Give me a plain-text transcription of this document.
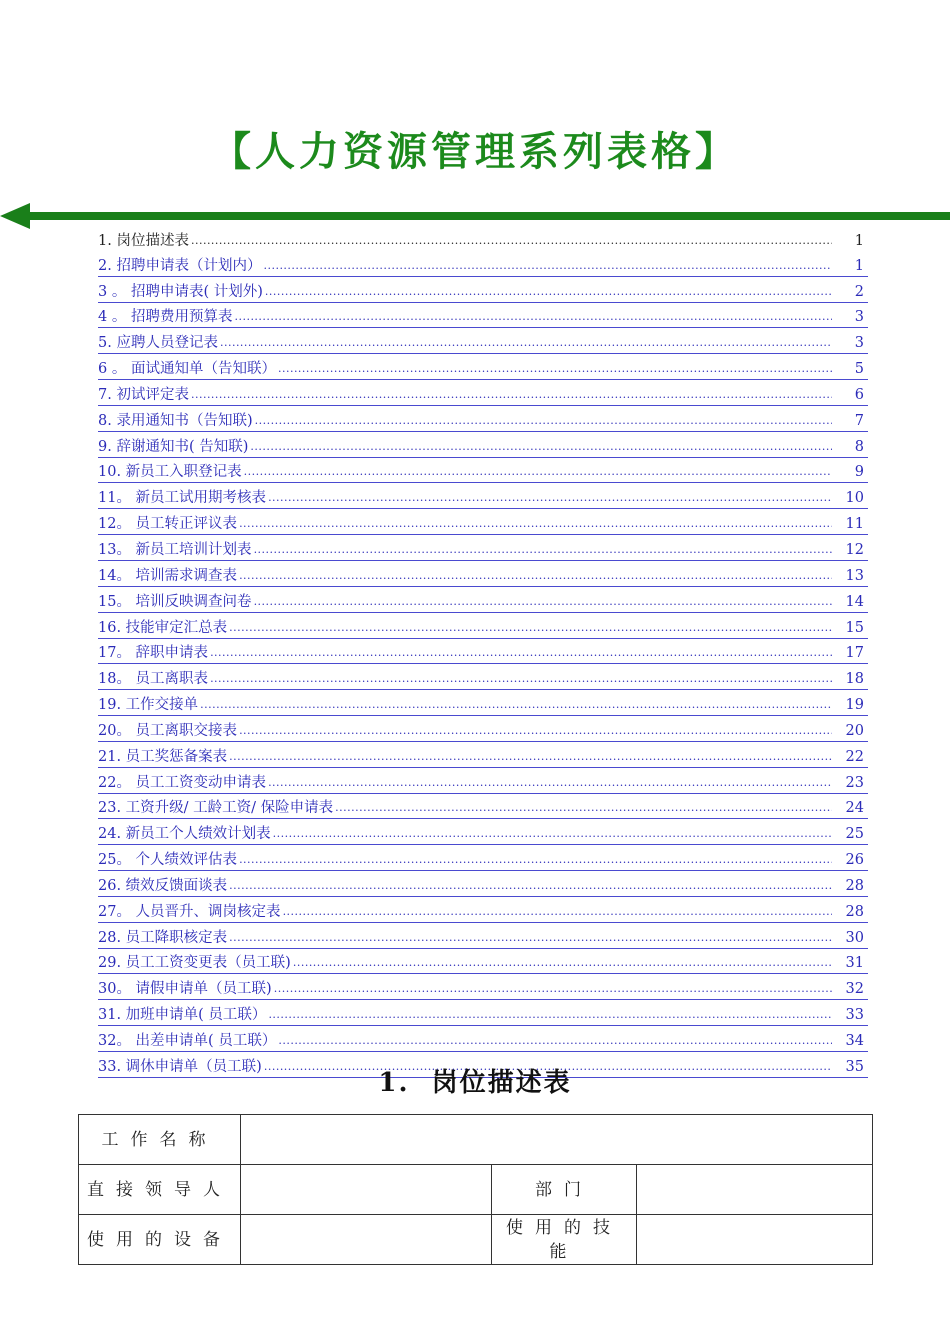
【人力资源管理系列表格】
1. 岗位描述表 .....	1
2. 招聘申请表（计划内） .....	1
3 。 招聘申请表( 计划外) .....	2
4 。 招聘费用预算表 .....	3
5. 应聘人员登记表 .....	3
6 。 面试通知单（告知联） .....	5
7. 初试评定表 .....	6
8. 录用通知书（告知联) .....	7
9. 辞谢通知书( 告知联) .....	8
10. 新员工入职登记表 .....	9
11。 新员工试用期考核表 .....	10
12。 员工转正评议表 .....	11
13。 新员工培训计划表 .....	12
14。 培训需求调查表 .....	13
15。 培训反映调查问卷 .....	14
16. 技能审定汇总表 .....	15
17。 辞职申请表 .....	17
18。 员工离职表 .....	18
19. 工作交接单 .....	19
20。 员工离职交接表 .....	20
21. 员工奖惩备案表 .....	22
22。 员工工资变动申请表 .....	23
23. 工资升级/ 工龄工资/ 保险申请表 .....	24
24. 新员工个人绩效计划表 .....	25
25。 个人绩效评估表 .....	26
26. 绩效反馈面谈表 .....	28
27。 人员晋升、调岗核定表 .....	28
28. 员工降职核定表 .....	30
29. 员工工资变更表（员工联) .....	31
30。 请假申请单（员工联) .....	32
31. 加班申请单( 员工联） .....	33
32。 出差申请单( 员工联） .....	34
33. 调休申请单（员工联) .....	35
1. 岗位描述表
工作名称			
直接领导人		部门	
使用的设备		使用的技能	
